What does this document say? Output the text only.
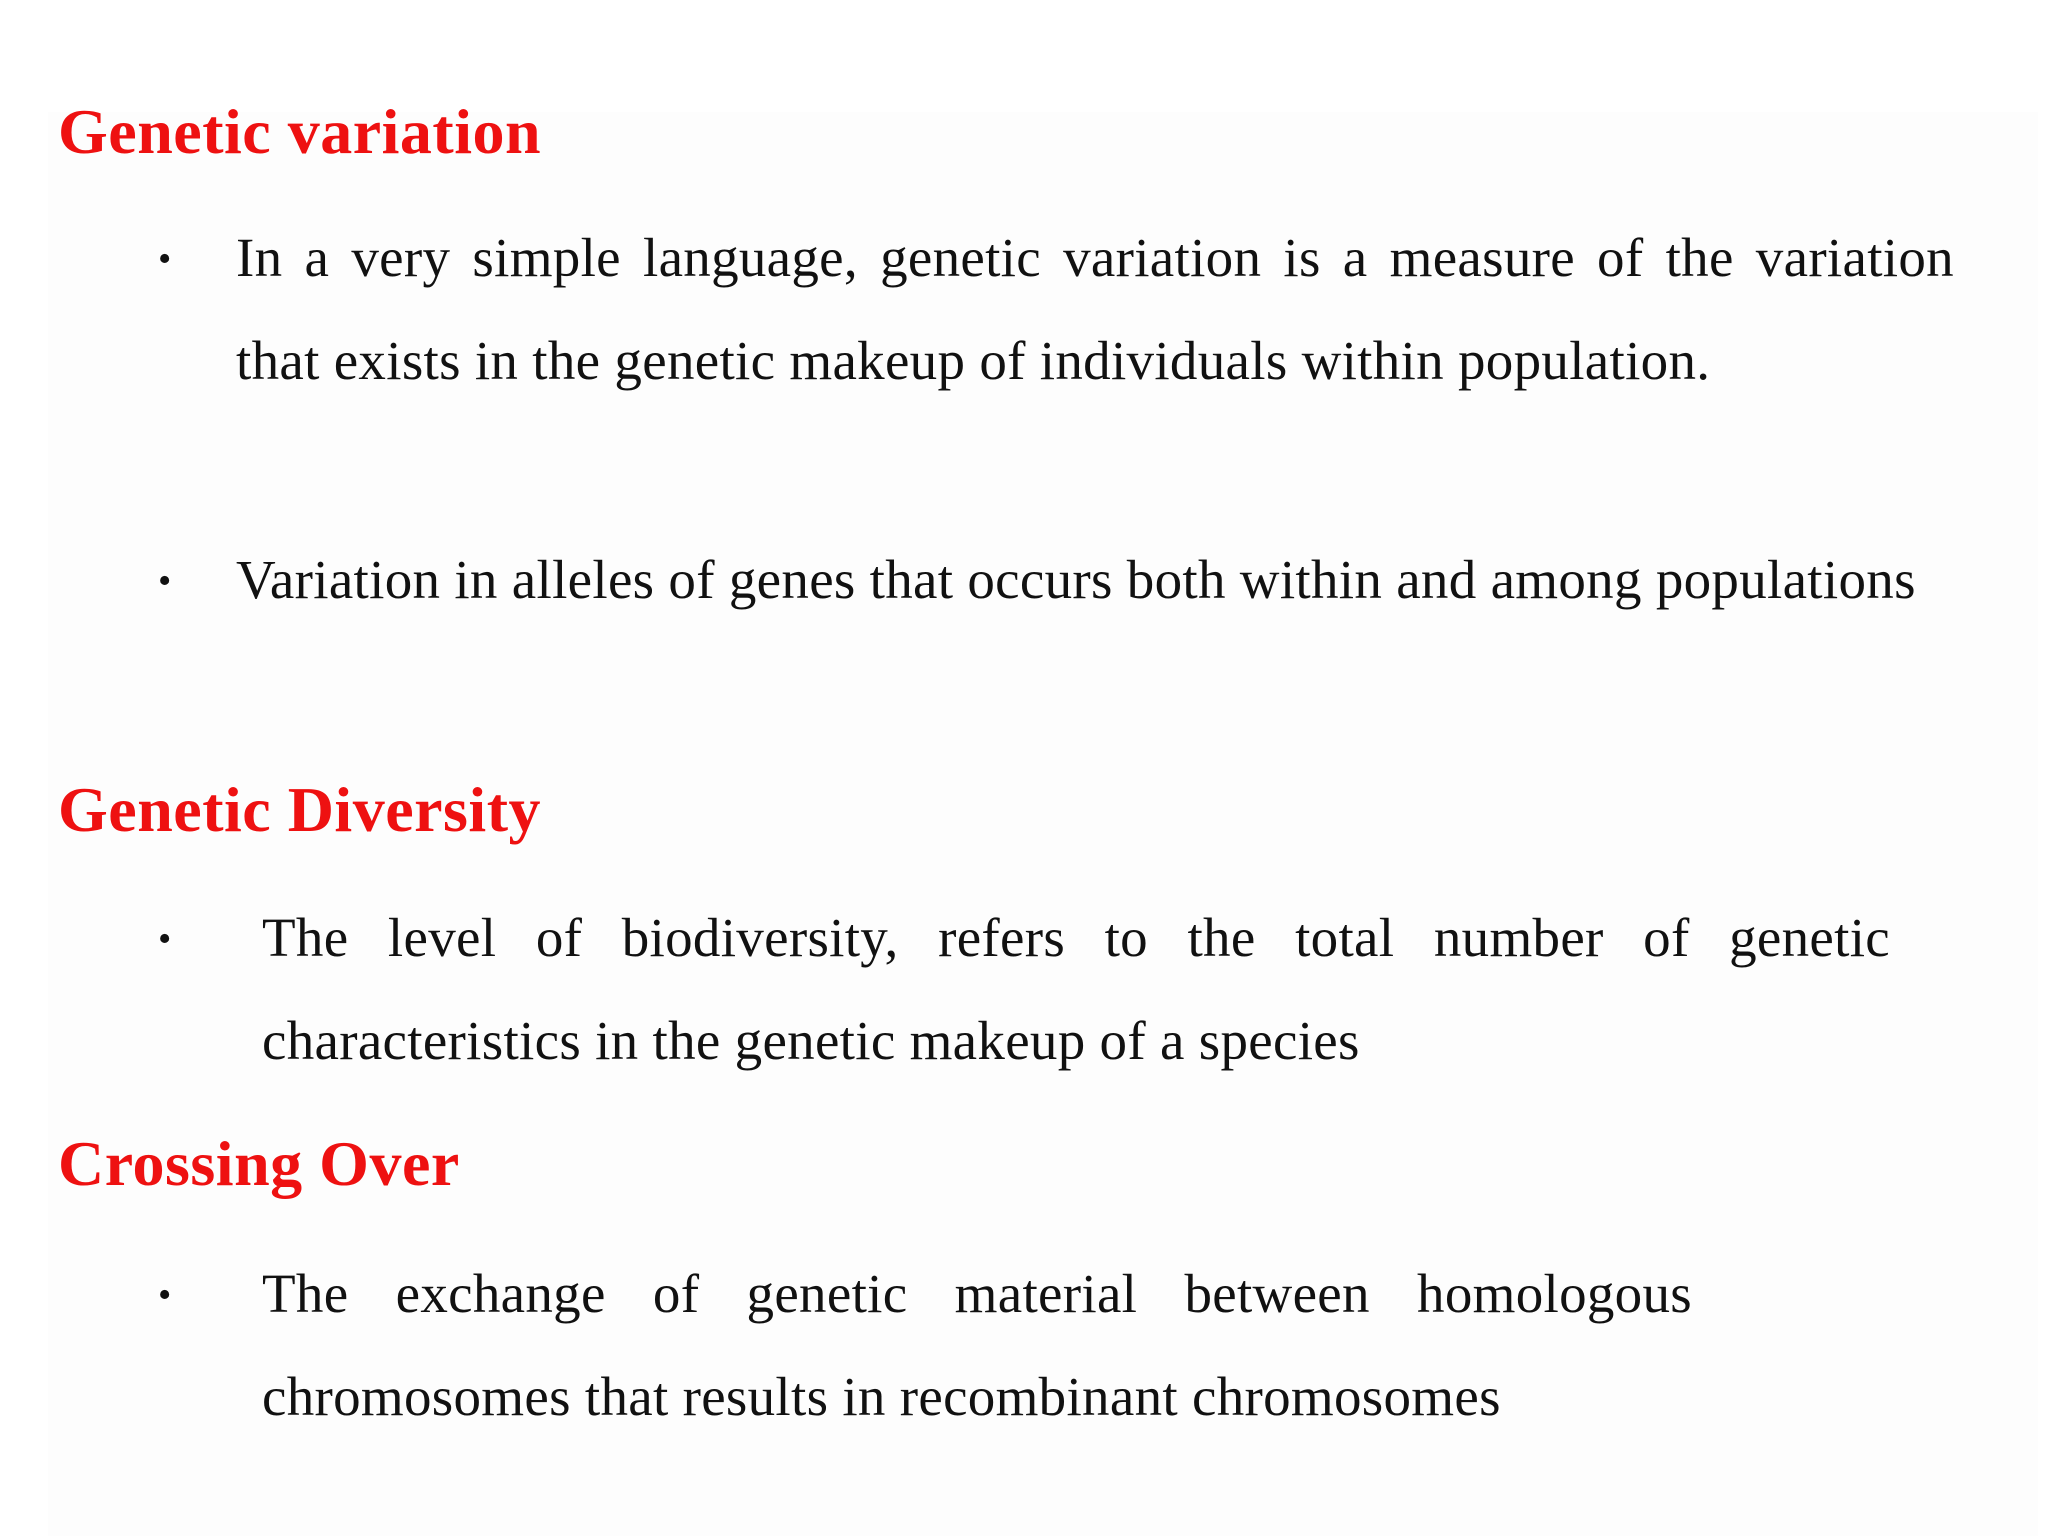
Genetic variation
• In a very simple language, genetic variation is a measure of the variation that exists in the genetic makeup of individuals within population.

• Variation in alleles of genes that occurs both within and among populations

Genetic Diversity
• The level of biodiversity, refers to the total number of genetic characteristics in the genetic makeup of a species

Crossing Over
• The exchange of genetic material between homologous chromosomes that results in recombinant chromosomes
